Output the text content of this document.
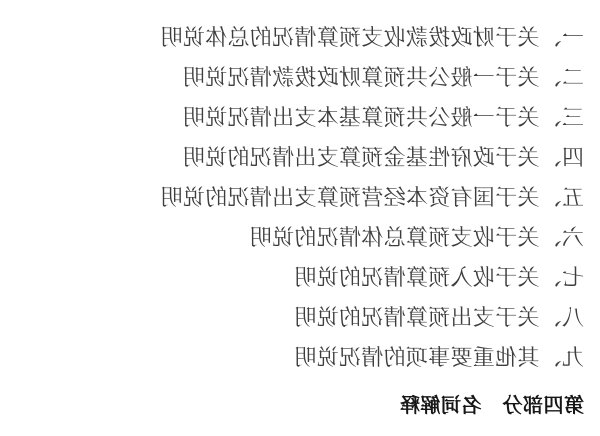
一、关于财政拨款收支预算情况的总体说明
二、关于一般公共预算财政拨款情况说明
三、关于一般公共预算基本支出情况说明
四、关于政府性基金预算支出情况的说明
五、关于国有资本经营预算支出情况的说明
六、关于收支预算总体情况的说明
七、关于收入预算情况的说明
八、关于支出预算情况的说明
九、其他重要事项的情况说明
第四部分　名词解释
